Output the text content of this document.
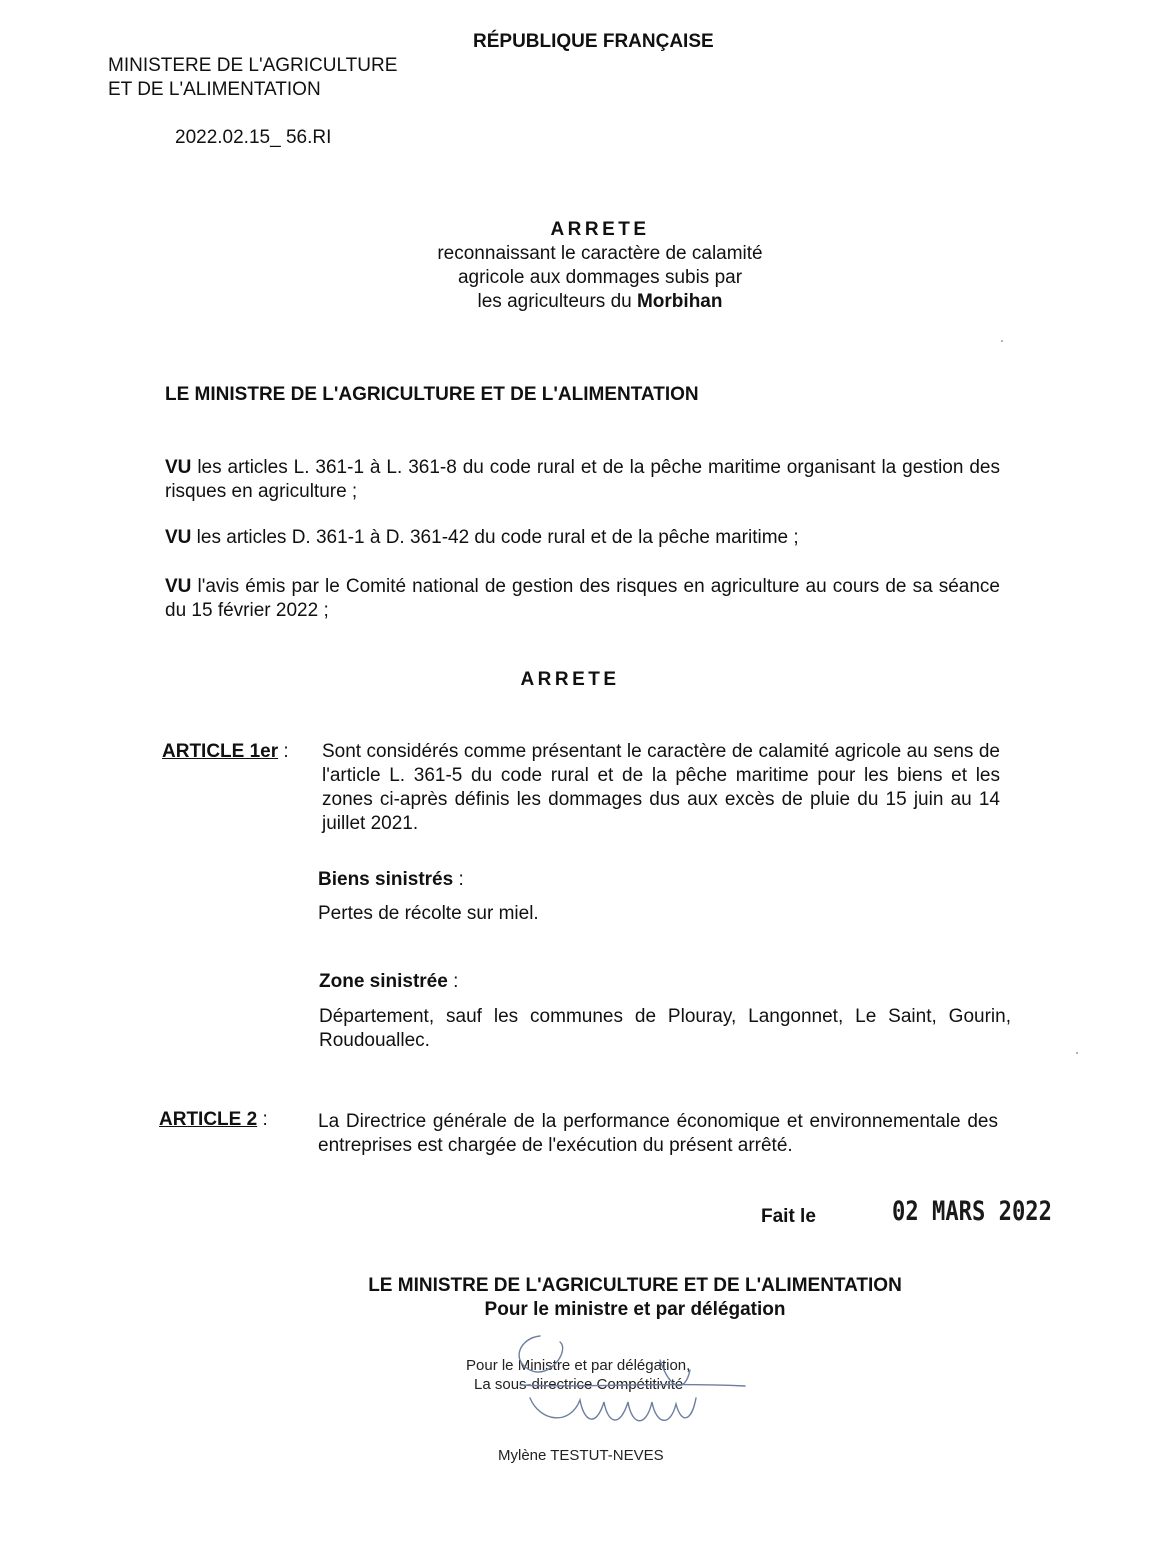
RÉPUBLIQUE FRANÇAISE
MINISTERE DE L'AGRICULTURE
ET DE L'ALIMENTATION
2022.02.15_ 56.RI
ARRETE
reconnaissant le caractère de calamité
agricole aux dommages subis par
les agriculteurs du Morbihan
LE MINISTRE DE L'AGRICULTURE ET DE L'ALIMENTATION

VU les articles L. 361-1 à L. 361-8 du code rural et de la pêche maritime organisant la gestion des risques en agriculture ;

VU les articles D. 361-1 à D. 361-42 du code rural et de la pêche maritime ;

VU l'avis émis par le Comité national de gestion des risques en agriculture au cours de sa séance du 15 février 2022 ;

ARRETE
ARTICLE 1er : Sont considérés comme présentant le caractère de calamité agricole au sens de l'article L. 361-5 du code rural et de la pêche maritime pour les biens et les zones ci-après définis les dommages dus aux excès de pluie du 15 juin au 14 juillet 2021.

Biens sinistrés :
Pertes de récolte sur miel.
Zone sinistrée :

Département, sauf les communes de Plouray, Langonnet, Le Saint, Gourin, Roudouallec.

ARTICLE 2 :	La Directrice générale de la performance économique et environnementale des entreprises est chargée de l'exécution du présent arrêté.

Fait le	02 MARS 2022
LE MINISTRE DE L'AGRICULTURE ET DE L'ALIMENTATION
Pour le ministre et par délégation
Pour le Ministre et par délégation,
La sous-directrice Compétitivité
Mylène TESTUT-NEVES
